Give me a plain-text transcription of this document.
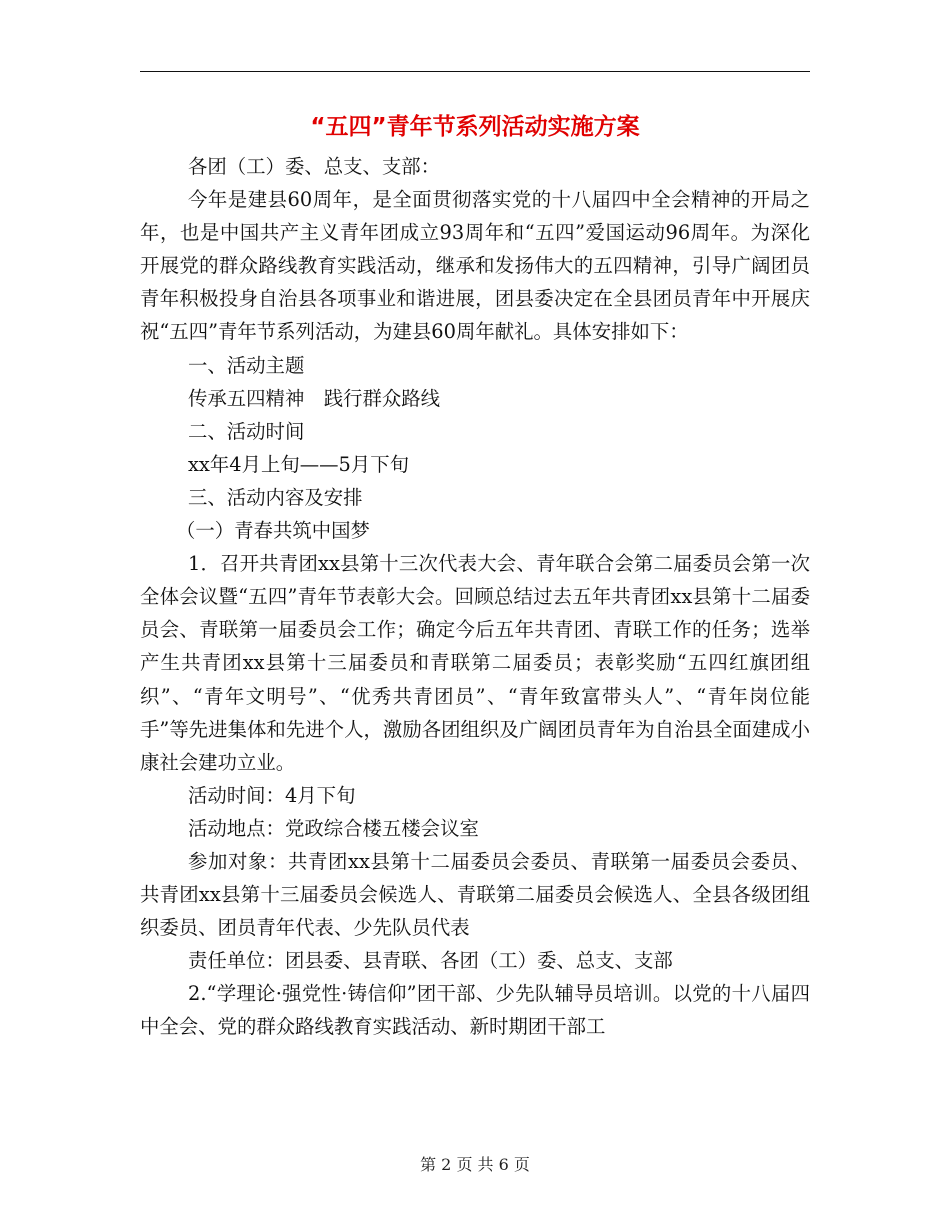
“五四”青年节系列活动实施方案

各团（工）委、总支、支部：

今年是建县60周年，是全面贯彻落实党的十八届四中全会精神的开局之年，也是中国共产主义青年团成立93周年和“五四”爱国运动96周年。为深化开展党的群众路线教育实践活动，继承和发扬伟大的五四精神，引导广阔团员青年积极投身自治县各项事业和谐进展，团县委决定在全县团员青年中开展庆祝“五四”青年节系列活动，为建县60周年献礼。具体安排如下：

一、活动主题

传承五四精神　践行群众路线

二、活动时间

xx年4月上旬——5月下旬

三、活动内容及安排

（一）青春共筑中国梦

1．召开共青团xx县第十三次代表大会、青年联合会第二届委员会第一次全体会议暨“五四”青年节表彰大会。回顾总结过去五年共青团xx县第十二届委员会、青联第一届委员会工作；确定今后五年共青团、青联工作的任务；选举产生共青团xx县第十三届委员和青联第二届委员；表彰奖励“五四红旗团组织”、“青年文明号”、“优秀共青团员”、“青年致富带头人”、“青年岗位能手”等先进集体和先进个人，激励各团组织及广阔团员青年为自治县全面建成小康社会建功立业。

活动时间：4月下旬

活动地点：党政综合楼五楼会议室

参加对象：共青团xx县第十二届委员会委员、青联第一届委员会委员、共青团xx县第十三届委员会候选人、青联第二届委员会候选人、全县各级团组织委员、团员青年代表、少先队员代表

责任单位：团县委、县青联、各团（工）委、总支、支部

2.“学理论·强党性·铸信仰”团干部、少先队辅导员培训。以党的十八届四中全会、党的群众路线教育实践活动、新时期团干部工

第 2 页 共 6 页
